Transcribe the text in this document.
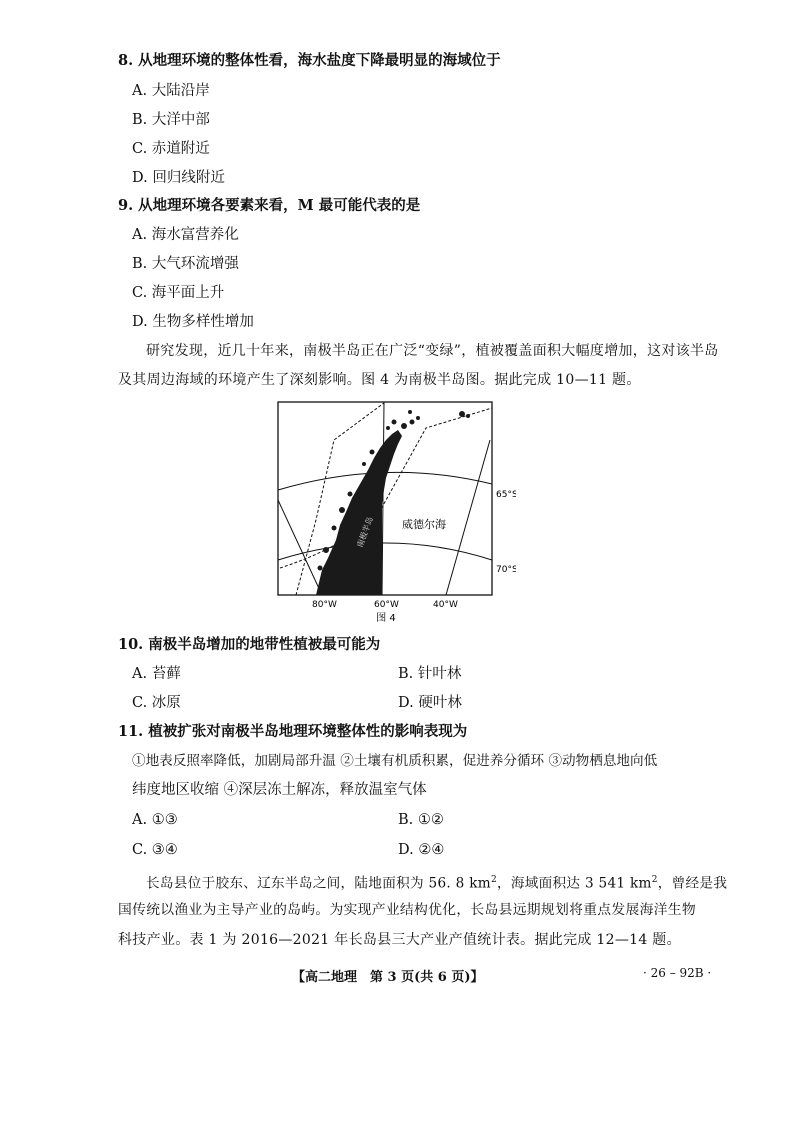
8. 从地理环境的整体性看，海水盐度下降最明显的海域位于
A. 大陆沿岸
B. 大洋中部
C. 赤道附近
D. 回归线附近
9. 从地理环境各要素来看，M 最可能代表的是
A. 海水富营养化
B. 大气环流增强
C. 海平面上升
D. 生物多样性增加
研究发现，近几十年来，南极半岛正在广泛“变绿”，植被覆盖面积大幅度增加，这对该半岛
及其周边海域的环境产生了深刻影响。图 4 为南极半岛图。据此完成 10—11 题。
65°S
70°S
80°W	60°W	40°W
威德尔海
南极半岛
图 4
10. 南极半岛增加的地带性植被最可能为
A. 苔藓	B. 针叶林
C. 冰原	D. 硬叶林
11. 植被扩张对南极半岛地理环境整体性的影响表现为
①地表反照率降低，加剧局部升温 ②土壤有机质积累，促进养分循环 ③动物栖息地向低
纬度地区收缩 ④深层冻土解冻，释放温室气体
A. ①③	B. ①②
C. ③④	D. ②④
长岛县位于胶东、辽东半岛之间，陆地面积为 56. 8 $km^2$，海域面积达 3 541 $km^2$，曾经是我
国传统以渔业为主导产业的岛屿。为实现产业结构优化，长岛县远期规划将重点发展海洋生物
科技产业。表 1 为 2016—2021 年长岛县三大产业产值统计表。据此完成 12—14 题。
【高二地理　第 3 页(共 6 页)】	· 26 – 92B ·
